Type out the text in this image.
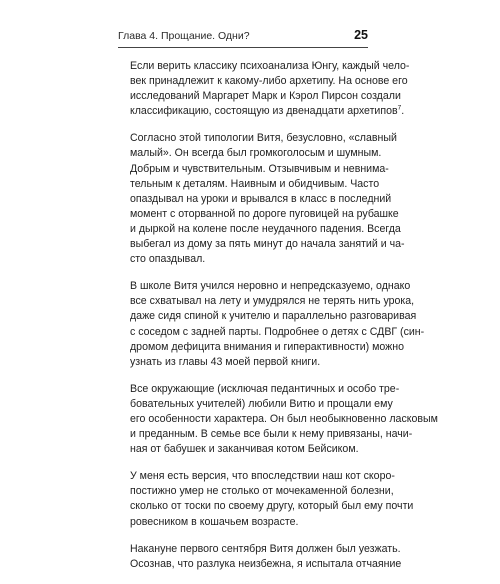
Глава 4. Прощание. Одни?	25

Если верить классику психоанализа Юнгу, каждый чело-
век принадлежит к какому-либо архетипу. На основе его
исследований Маргарет Марк и Кэрол Пирсон создали
классификацию, состоящую из двенадцати архетипов$^7$.

Согласно этой типологии Витя, безусловно, «славный
малый». Он всегда был громкоголосым и шумным.
Добрым и чувствительным. Отзывчивым и невнима-
тельным к деталям. Наивным и обидчивым. Часто
опаздывал на уроки и врывался в класс в последний
момент с оторванной по дороге пуговицей на рубашке
и дыркой на колене после неудачного падения. Всегда
выбегал из дому за пять минут до начала занятий и ча-
сто опаздывал.

В школе Витя учился неровно и непредсказуемо, однако
все схватывал на лету и умудрялся не терять нить урока,
даже сидя спиной к учителю и параллельно разговаривая
с соседом с задней парты. Подробнее о детях с СДВГ (син-
дромом дефицита внимания и гиперактивности) можно
узнать из главы 43 моей первой книги.

Все окружающие (исключая педантичных и особо тре-
бовательных учителей) любили Витю и прощали ему
его особенности характера. Он был необыкновенно ласковым
и преданным. В семье все были к нему привязаны, начи-
ная от бабушек и заканчивая котом Бейсиком.

У меня есть версия, что впоследствии наш кот скоро-
постижно умер не столько от мочекаменной болезни,
сколько от тоски по своему другу, который был ему почти
ровесником в кошачьем возрасте.

Накануне первого сентября Витя должен был уезжать.
Осознав, что разлука неизбежна, я испытала отчаяние
